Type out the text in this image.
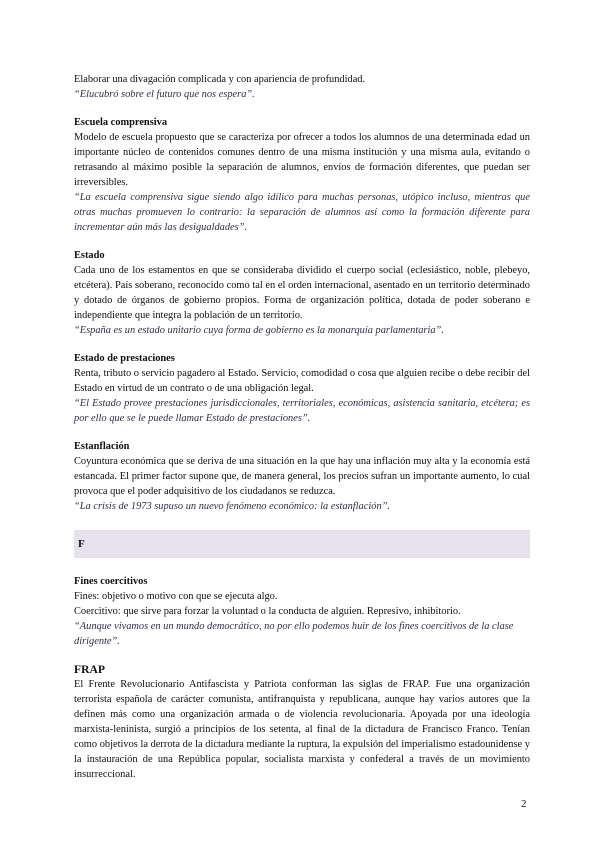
Elaborar una divagación complicada y con apariencia de profundidad.

“Elucubró sobre el futuro que nos espera”.

Escuela comprensiva

Modelo de escuela propuesto que se caracteriza por ofrecer a todos los alumnos de una determinada edad un importante núcleo de contenidos comunes dentro de una misma institución y una misma aula, evitando o retrasando al máximo posible la separación de alumnos, envíos de formación diferentes, que puedan ser irreversibles.

“La escuela comprensiva sigue siendo algo idílico para muchas personas, utópico incluso, mientras que otras muchas promueven lo contrario: la separación de alumnos así como la formación diferente para incrementar aún más las desigualdades”.

Estado

Cada uno de los estamentos en que se consideraba dividido el cuerpo social (eclesiástico, noble, plebeyo, etcétera). País soberano, reconocido como tal en el orden internacional, asentado en un territorio determinado y dotado de órganos de gobierno propios. Forma de organización política, dotada de poder soberano e independiente que integra la población de un territorio.

“España es un estado unitario cuya forma de gobierno es la monarquía parlamentaria”.

Estado de prestaciones

Renta, tributo o servicio pagadero al Estado. Servicio, comodidad o cosa que alguien recibe o debe recibir del Estado en virtud de un contrato o de una obligación legal.

“El Estado provee prestaciones jurisdiccionales, territoriales, económicas, asistencia sanitaria, etcétera; es por ello que se le puede llamar Estado de prestaciones”.

Estanflación

Coyuntura económica que se deriva de una situación en la que hay una inflación muy alta y la economía está estancada. El primer factor supone que, de manera general, los precios sufran un importante aumento, lo cual provoca que el poder adquisitivo de los ciudadanos se reduzca.

“La crisis de 1973 supuso un nuevo fenómeno económico: la estanflación”.

F
Fines coercitivos

Fines: objetivo o motivo con que se ejecuta algo.

Coercitivo: que sirve para forzar la voluntad o la conducta de alguien. Represivo, inhibitorio.

“Aunque vivamos en un mundo democrático, no por ello podemos huir de los fines coercitivos de la clase dirigente”.

FRAP

El Frente Revolucionario Antifascista y Patriota conforman las siglas de FRAP. Fue una organización terrorista española de carácter comunista, antifranquista y republicana, aunque hay varios autores que la definen más como una organización armada o de violencia revolucionaria. Apoyada por una ideología marxista-leninista, surgió a principios de los setenta, al final de la dictadura de Francisco Franco. Tenían como objetivos la derrota de la dictadura mediante la ruptura, la expulsión del imperialismo estadounidense y la instauración de una República popular, socialista marxista y confederal a través de un movimiento insurreccional.

2
